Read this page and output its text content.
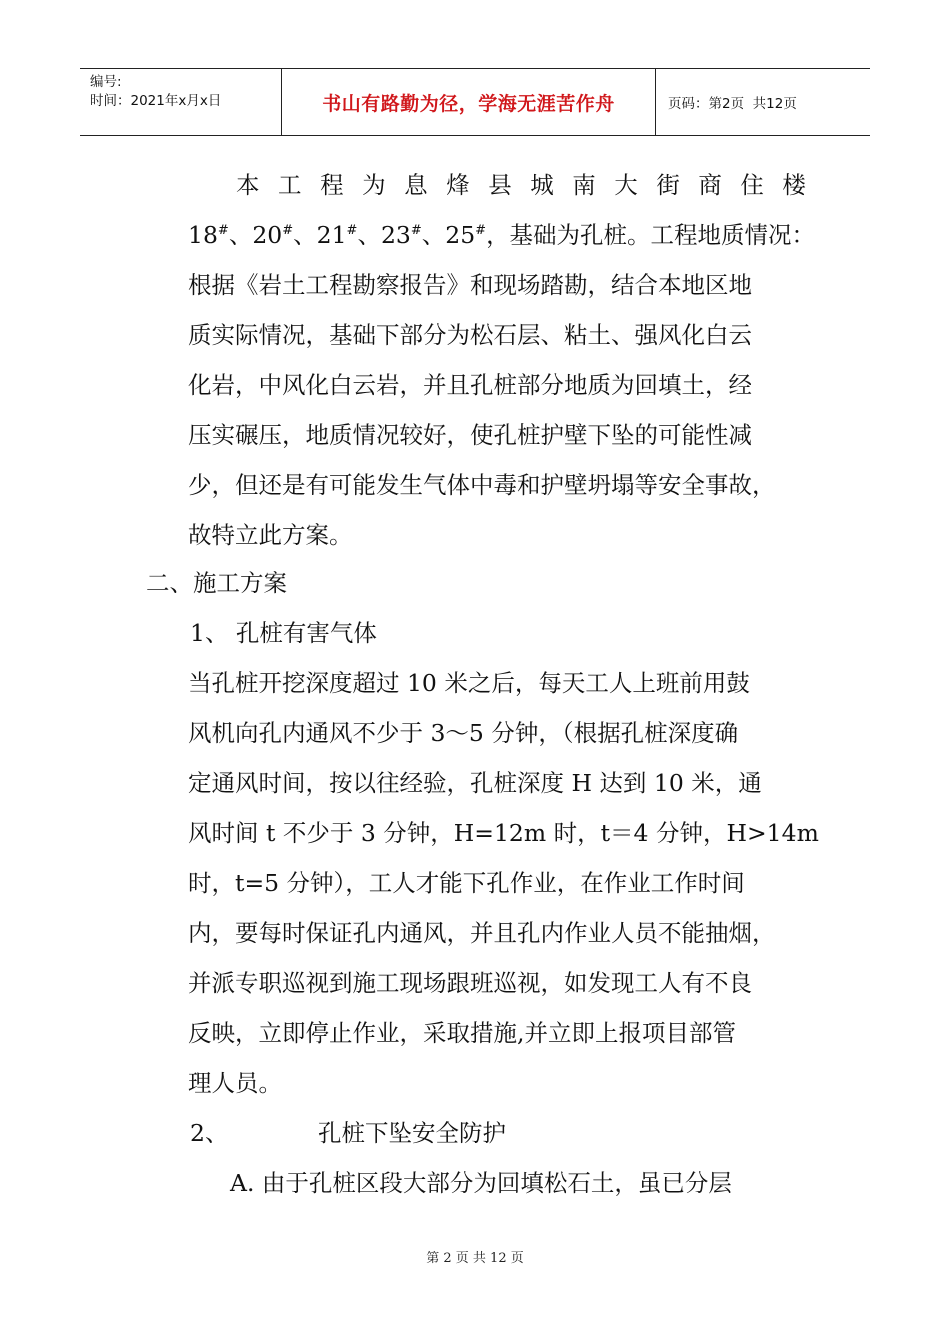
编号:
时间：2021年x月x日	书山有路勤为径，学海无涯苦作舟	页码：第2页  共12页
本 工 程 为 息 烽 县 城 南 大 街 商 住 楼
18#、20#、21#、23#、25#，基础为孔桩。工程地质情况：
根据《岩土工程勘察报告》和现场踏勘，结合本地区地
质实际情况，基础下部分为松石层、粘土、强风化白云
化岩，中风化白云岩，并且孔桩部分地质为回填土，经
压实碾压，地质情况较好，使孔桩护壁下坠的可能性减
少，但还是有可能发生气体中毒和护壁坍塌等安全事故，
故特立此方案。
二、施工方案
1、 孔桩有害气体
当孔桩开挖深度超过 10 米之后，每天工人上班前用鼓
风机向孔内通风不少于 3～5 分钟，（根据孔桩深度确
定通风时间，按以往经验，孔桩深度 H 达到 10 米，通
风时间 t 不少于 3 分钟，H=12m 时，t＝4 分钟，H>14m
时，t=5 分钟），工人才能下孔作业，在作业工作时间
内，要每时保证孔内通风，并且孔内作业人员不能抽烟，
并派专职巡视到施工现场跟班巡视，如发现工人有不良
反映，立即停止作业，采取措施,并立即上报项目部管
理人员。
2、	孔桩下坠安全防护
A. 由于孔桩区段大部分为回填松石土，虽已分层
第 2 页 共 12 页
